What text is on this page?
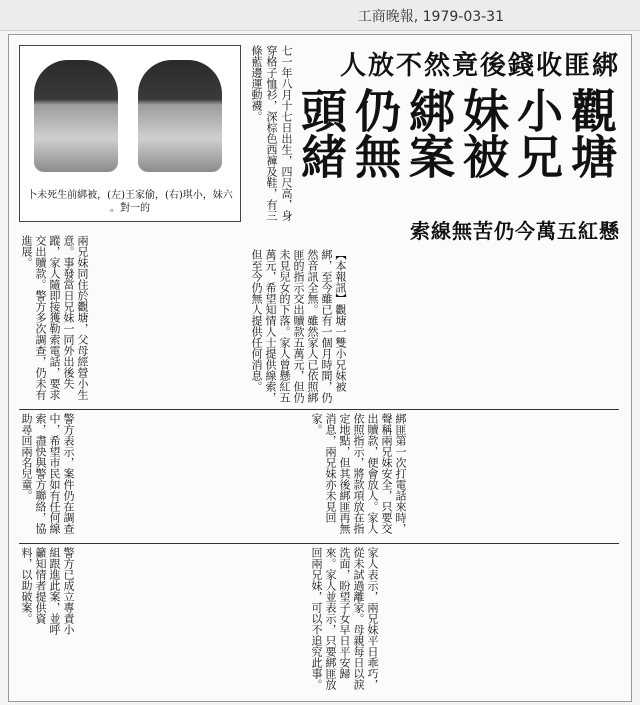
工商晚報, 1979-03-31
六妹，小琪(右)，偷家王(左)，被綁前生死未卜的一對。	七一年八月十七日出生，四尺高，身穿格子恤衫，深棕色西褲及鞋，有三條藍邊運動襪。	綁匪收錢後竟然不放人
觀塘
小兄
妹被
綁案
仍無
頭緒
懸紅五萬今仍苦無線索
【本報訊】觀塘一雙小兄妹被綁，至今雖已有一個月時間，仍然音訊全無。雖然家人已依照綁匪的指示交出贖款五萬元，但仍未見兒女的下落。家人曾懸紅五萬元，希望知情人士提供線索，但至今仍無人提供任何消息。
兩兄妹同住於觀塘，父母經營小生意。事發當日兄妹一同外出後失蹤，家人隨即接獲勒索電話，要求交出贖款。警方多次調查，仍未有進展。
綁匪第一次打電話來時，聲稱兩兄妹安全，只要交出贖款，便會放人。家人依照指示，將款項放在指定地點，但其後綁匪再無消息，兩兄妹亦未見回家。
警方表示，案件仍在調查中，希望市民如有任何線索，盡快與警方聯絡，協助尋回兩名兒童。
家人表示，兩兄妹平日乖巧，從未試過離家。母親每日以淚洗面，盼望子女早日平安歸來。家人並表示，只要綁匪放回兩兄妹，可以不追究此事。
警方已成立專責小組跟進此案，並呼籲知情者提供資料，以助破案。
